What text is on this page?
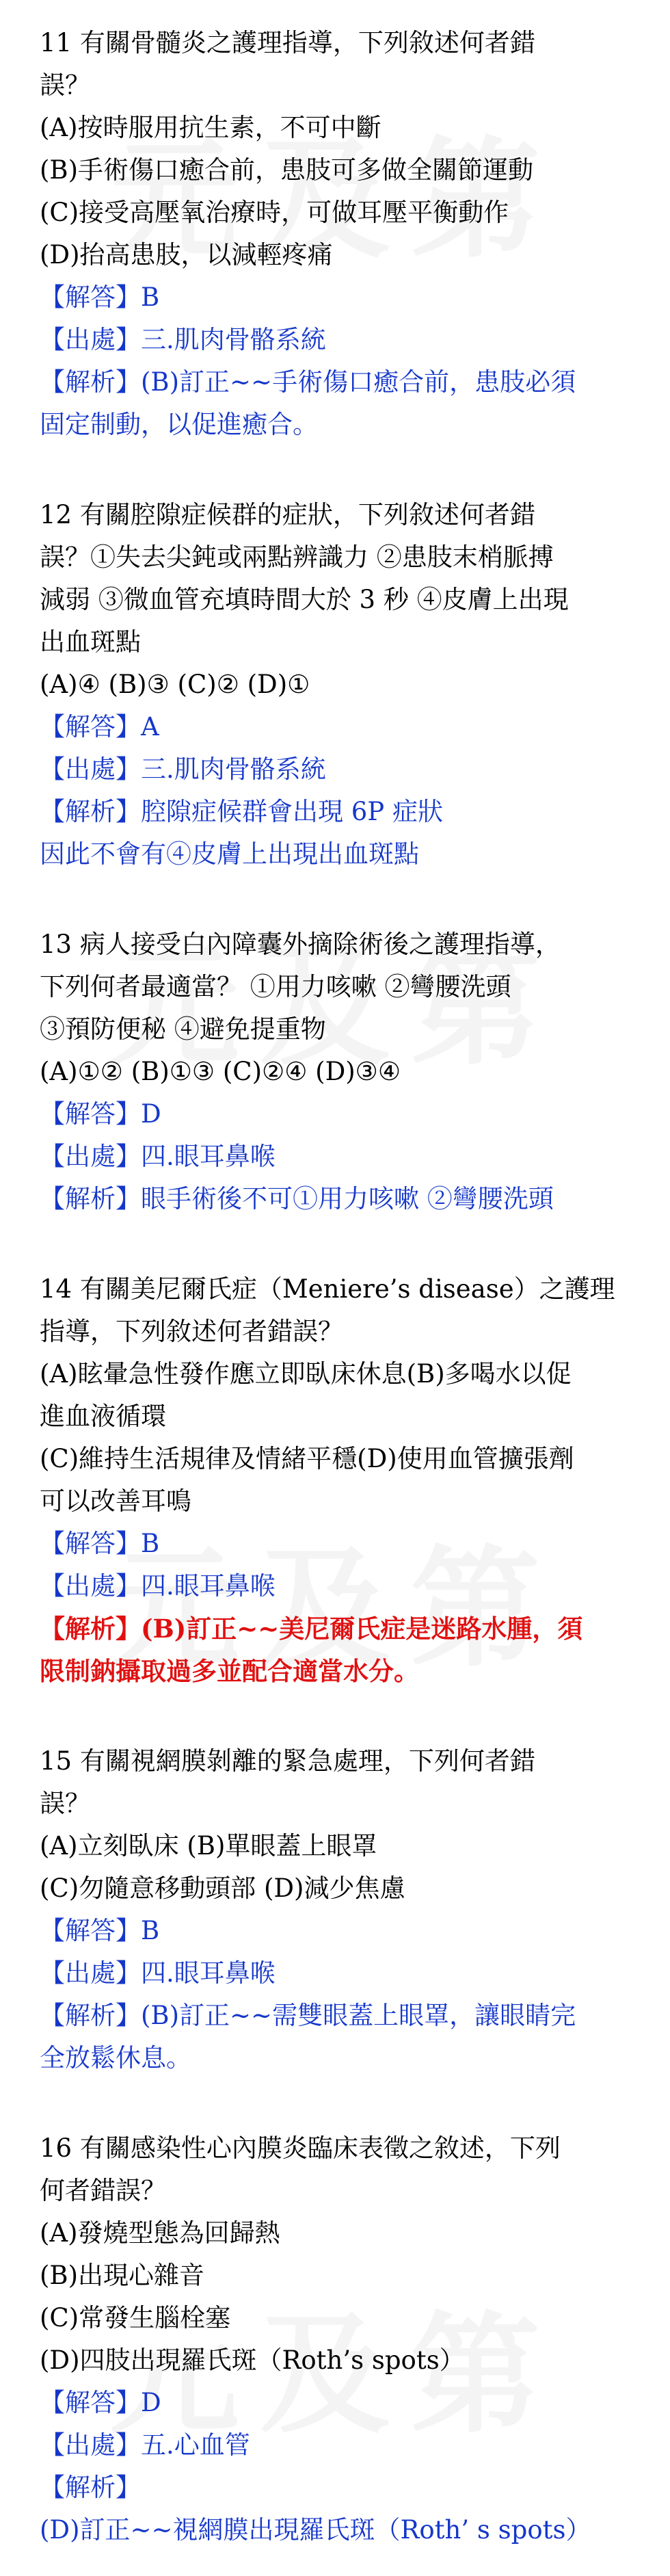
11 有關骨髓炎之護理指導，下列敘述何者錯
誤？
(A)按時服用抗生素，不可中斷
(B)手術傷口癒合前，患肢可多做全關節運動
(C)接受高壓氧治療時，可做耳壓平衡動作
(D)抬高患肢，以減輕疼痛
【解答】B
【出處】三.肌肉骨骼系統
【解析】(B)訂正~~手術傷口癒合前，患肢必須
固定制動，以促進癒合。
12 有關腔隙症候群的症狀，下列敘述何者錯
誤？①失去尖鈍或兩點辨識力 ②患肢末梢脈搏
減弱 ③微血管充填時間大於 3 秒 ④皮膚上出現
出血斑點
(A)④ (B)③ (C)② (D)①
【解答】A
【出處】三.肌肉骨骼系統
【解析】腔隙症候群會出現 6P 症狀
因此不會有④皮膚上出現出血斑點
13 病人接受白內障囊外摘除術後之護理指導，
下列何者最適當？ ①用力咳嗽 ②彎腰洗頭
③預防便秘 ④避免提重物
(A)①② (B)①③ (C)②④ (D)③④
【解答】D
【出處】四.眼耳鼻喉
【解析】眼手術後不可①用力咳嗽 ②彎腰洗頭
14 有關美尼爾氏症（Meniere’s disease）之護理
指導，下列敘述何者錯誤？
(A)眩暈急性發作應立即臥床休息(B)多喝水以促
進血液循環
(C)維持生活規律及情緒平穩(D)使用血管擴張劑
可以改善耳鳴
【解答】B
【出處】四.眼耳鼻喉
【解析】(B)訂正~~美尼爾氏症是迷路水腫，須
限制鈉攝取過多並配合適當水分。
15 有關視網膜剝離的緊急處理，下列何者錯
誤？
(A)立刻臥床 (B)單眼蓋上眼罩
(C)勿隨意移動頭部 (D)減少焦慮
【解答】B
【出處】四.眼耳鼻喉
【解析】(B)訂正~~需雙眼蓋上眼罩，讓眼睛完
全放鬆休息。
16 有關感染性心內膜炎臨床表徵之敘述，下列
何者錯誤？
(A)發燒型態為回歸熱
(B)出現心雜音
(C)常發生腦栓塞
(D)四肢出現羅氏斑（Roth’s spots）
【解答】D
【出處】五.心血管
【解析】
(D)訂正~~視網膜出現羅氏斑（Roth’ s spots）
